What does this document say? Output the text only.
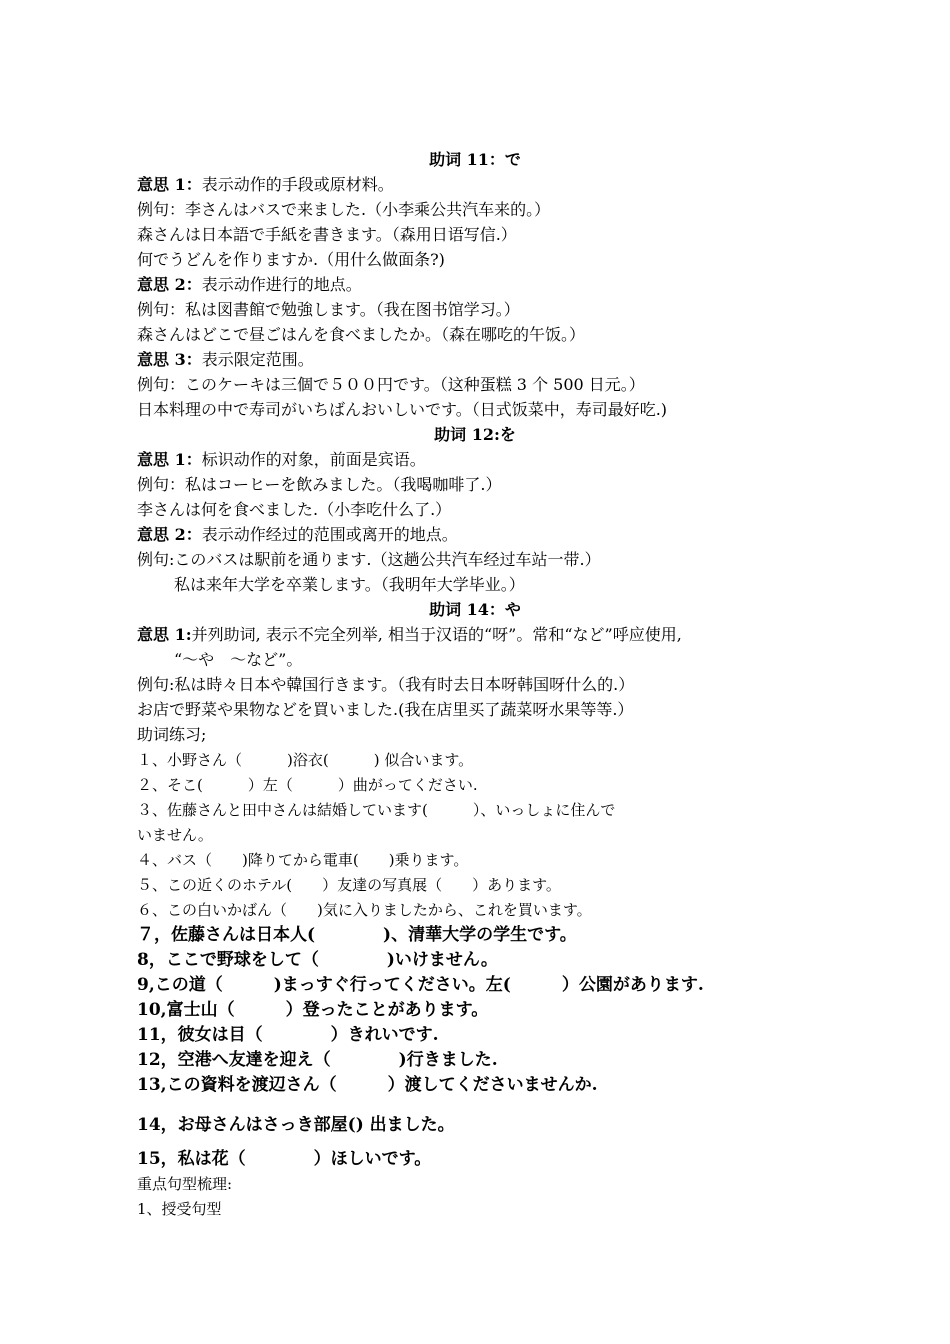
助词 11：で
意思 1：表示动作的手段或原材料。
例句：李さんはバスで来ました.（小李乘公共汽车来的。）
森さんは日本語で手紙を書きます。（森用日语写信.）
何でうどんを作りますか.（用什么做面条?)
意思 2：表示动作进行的地点。
例句：私は図書館で勉強します。（我在图书馆学习。）
森さんはどこで昼ごはんを食べましたか。（森在哪吃的午饭。）
意思 3：表示限定范围。
例句：このケーキは三個で５００円です。（这种蛋糕 3 个 500 日元。）
日本料理の中で寿司がいちばんおいしいです。（日式饭菜中，寿司最好吃.)
助词 12:を
意思 1：标识动作的对象，前面是宾语。
例句：私はコーヒーを飲みました。（我喝咖啡了.）
李さんは何を食べました.（小李吃什么了.）
意思 2：表示动作经过的范围或离开的地点。
例句:このバスは駅前を通ります.（这趟公共汽车经过车站一带.）
私は来年大学を卒業します。（我明年大学毕业。）
助词 14：や
意思 1:并列助词, 表示不完全列举, 相当于汉语的“呀”。常和“など”呼应使用,
“～や　～など”。
例句:私は時々日本や韓国行きます。（我有时去日本呀韩国呀什么的.）
お店で野菜や果物などを買いました.(我在店里买了蔬菜呀水果等等.）
助词练习;
１、小野さん（　　　)浴衣(　　　) 似合います。
２、そこ(　　　）左（　　　）曲がってください.
３、佐藤さんと田中さんは結婚しています(　　　）、いっしょに住んで
いません。
４、バス（　　)降りてから電車(　　)乗ります。
５、この近くのホテル(　　）友達の写真展（　　）あります。
６、この白いかばん（　　)気に入りましたから、これを買います。
７，佐藤さんは日本人(　　　　)、清華大学の学生です。
8，ここで野球をして（　　　　)いけません。
9,この道（　　　)まっすぐ行ってください。左(　　　）公園があります.
10,富士山（　　　）登ったことがあります。
11，彼女は目（　　　　）きれいです.
12，空港へ友達を迎え（　　　　)行きました.
13,この資料を渡辺さん（　　　）渡してくださいませんか.
14，お母さんはさっき部屋() 出ました。
15，私は花（　　　　）ほしいです。
重点句型梳理:
1、授受句型
